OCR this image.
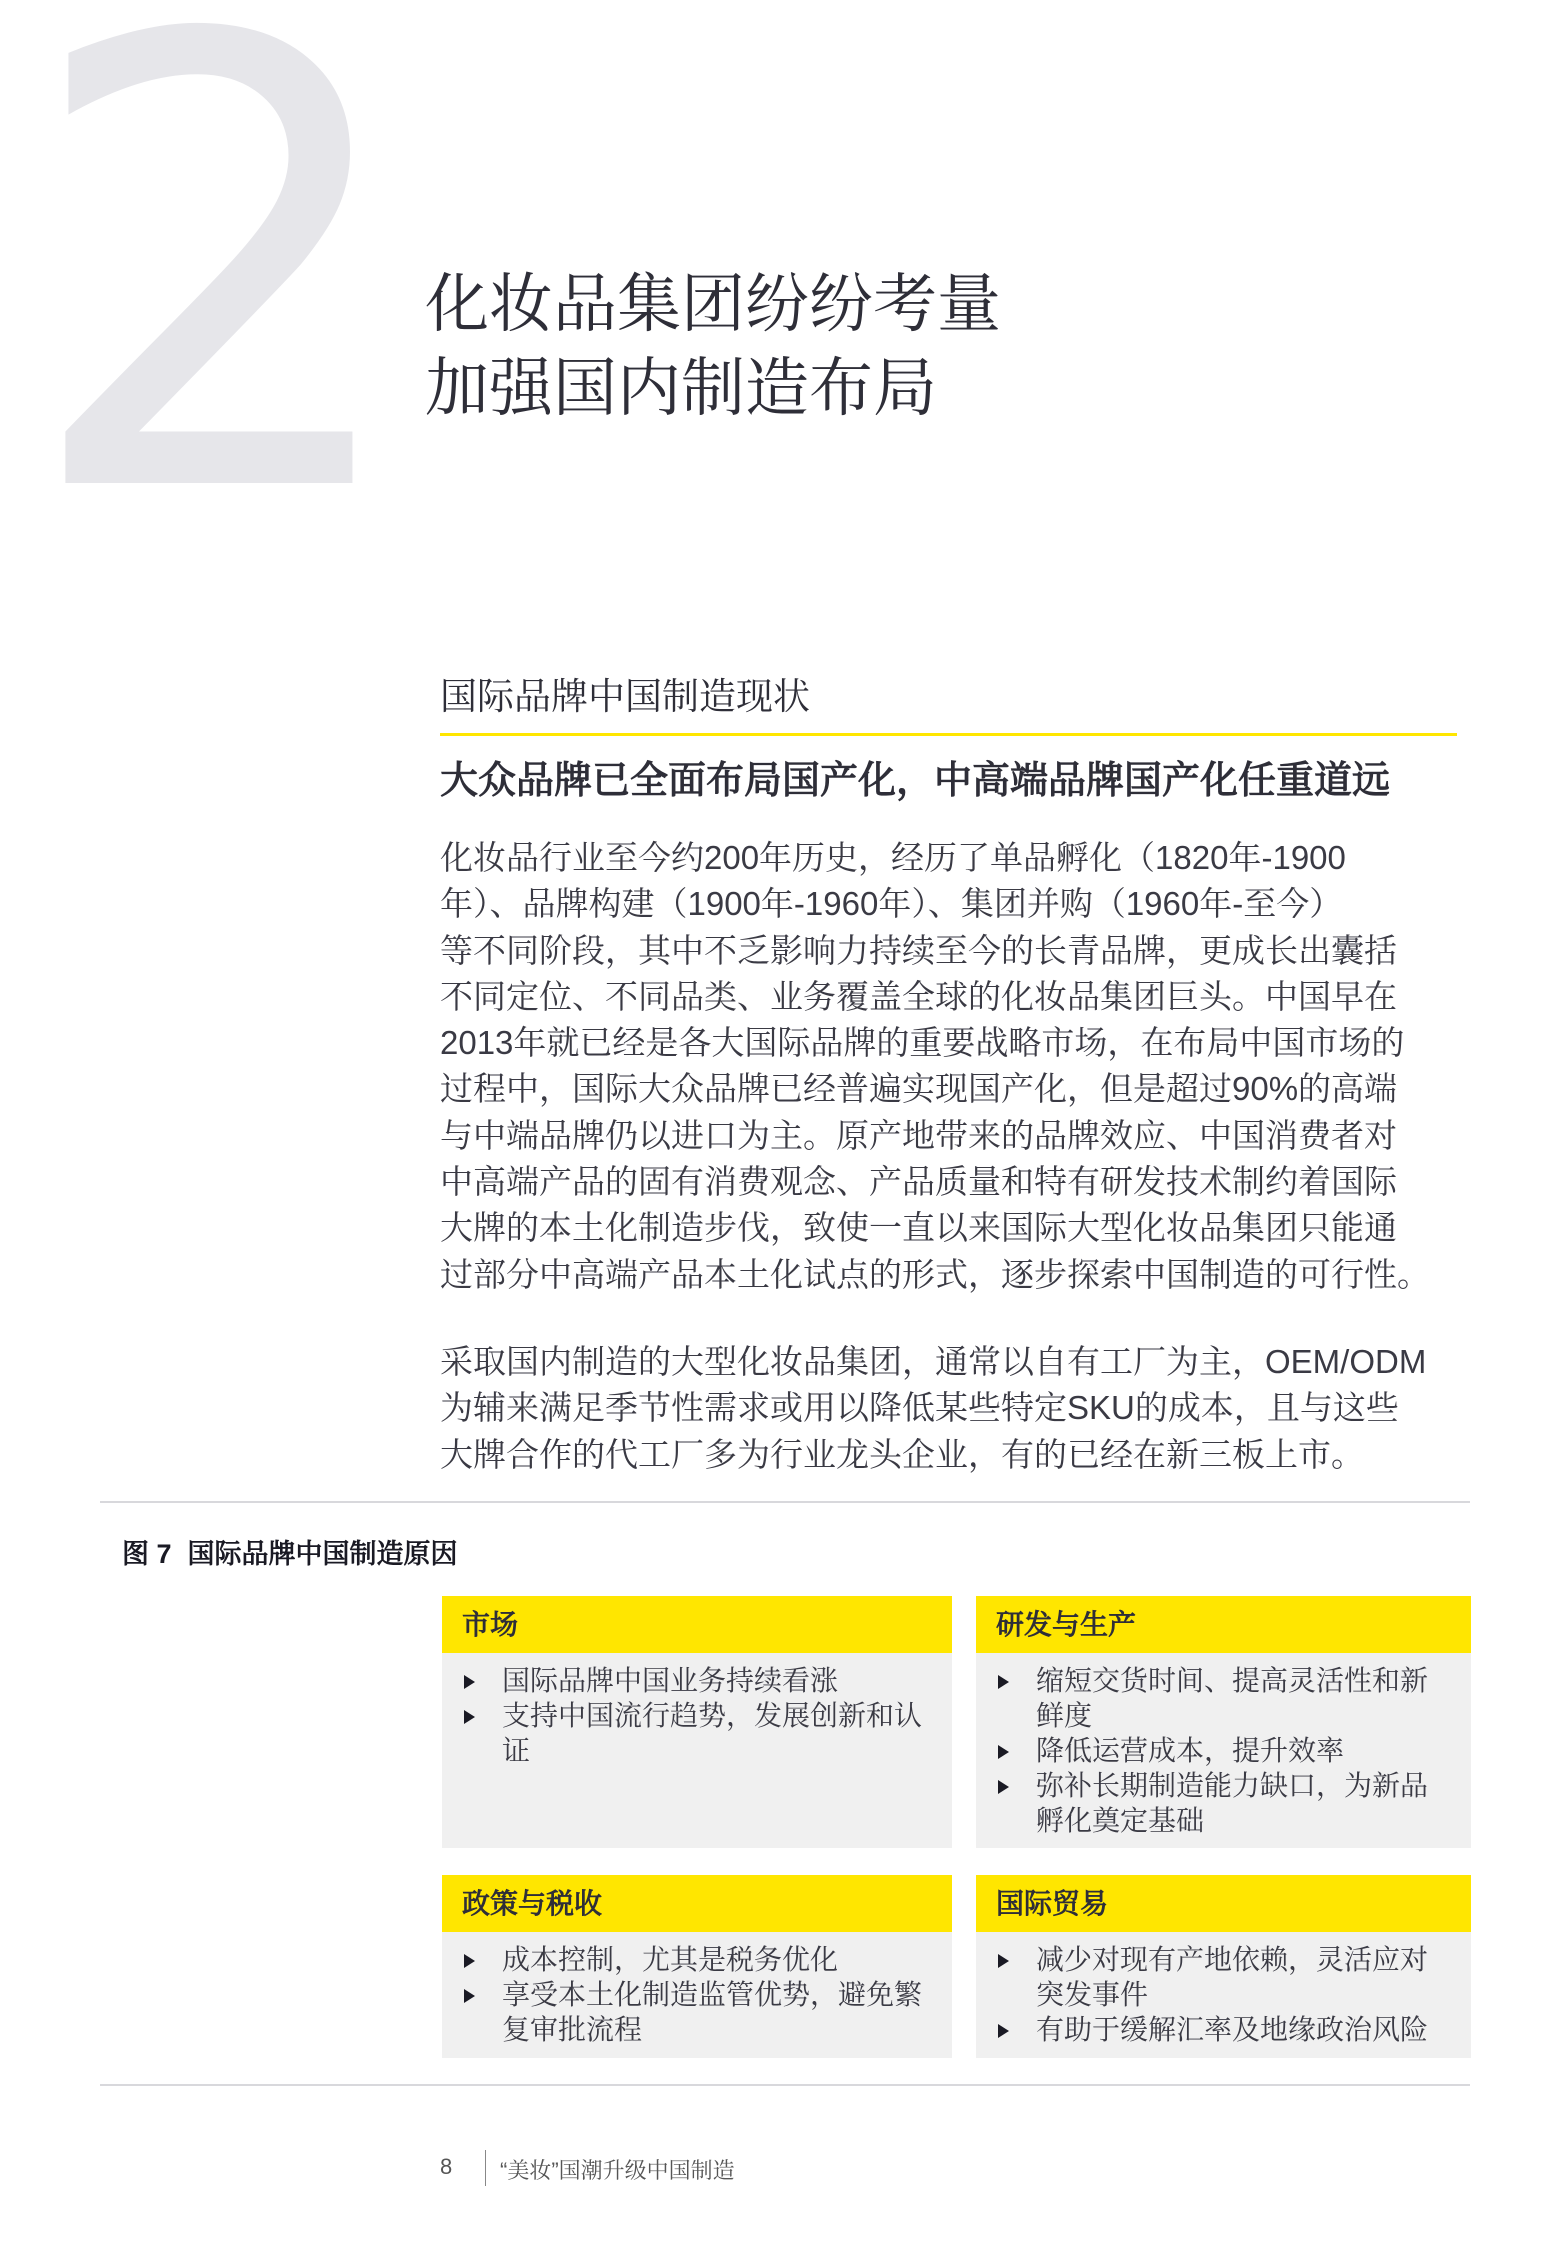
2 化妆品集团纷纷考量
加强国内制造布局
国际品牌中国制造现状
大众品牌已全面布局国产化，中高端品牌国产化任重道远
化妆品行业至今约200年历史，经历了单品孵化（1820年-1900
年）、品牌构建（1900年-1960年）、集团并购（1960年-至今）
等不同阶段，其中不乏影响力持续至今的长青品牌，更成长出囊括
不同定位、不同品类、业务覆盖全球的化妆品集团巨头。中国早在
2013年就已经是各大国际品牌的重要战略市场，在布局中国市场的
过程中，国际大众品牌已经普遍实现国产化，但是超过90%的高端
与中端品牌仍以进口为主。原产地带来的品牌效应、中国消费者对
中高端产品的固有消费观念、产品质量和特有研发技术制约着国际
大牌的本土化制造步伐，致使一直以来国际大型化妆品集团只能通
过部分中高端产品本土化试点的形式，逐步探索中国制造的可行性。
采取国内制造的大型化妆品集团，通常以自有工厂为主，OEM/ODM
为辅来满足季节性需求或用以降低某些特定SKU的成本，且与这些
大牌合作的代工厂多为行业龙头企业，有的已经在新三板上市。
图 7 国际品牌中国制造原因
市场
国际品牌中国业务持续看涨
支持中国流行趋势，发展创新和认证
研发与生产
缩短交货时间、提高灵活性和新鲜度
降低运营成本，提升效率
弥补长期制造能力缺口，为新品孵化奠定基础
政策与税收
成本控制，尤其是税务优化
享受本土化制造监管优势，避免繁复审批流程
国际贸易
减少对现有产地依赖，灵活应对突发事件
有助于缓解汇率及地缘政治风险
8 “美妆”国潮升级中国制造
